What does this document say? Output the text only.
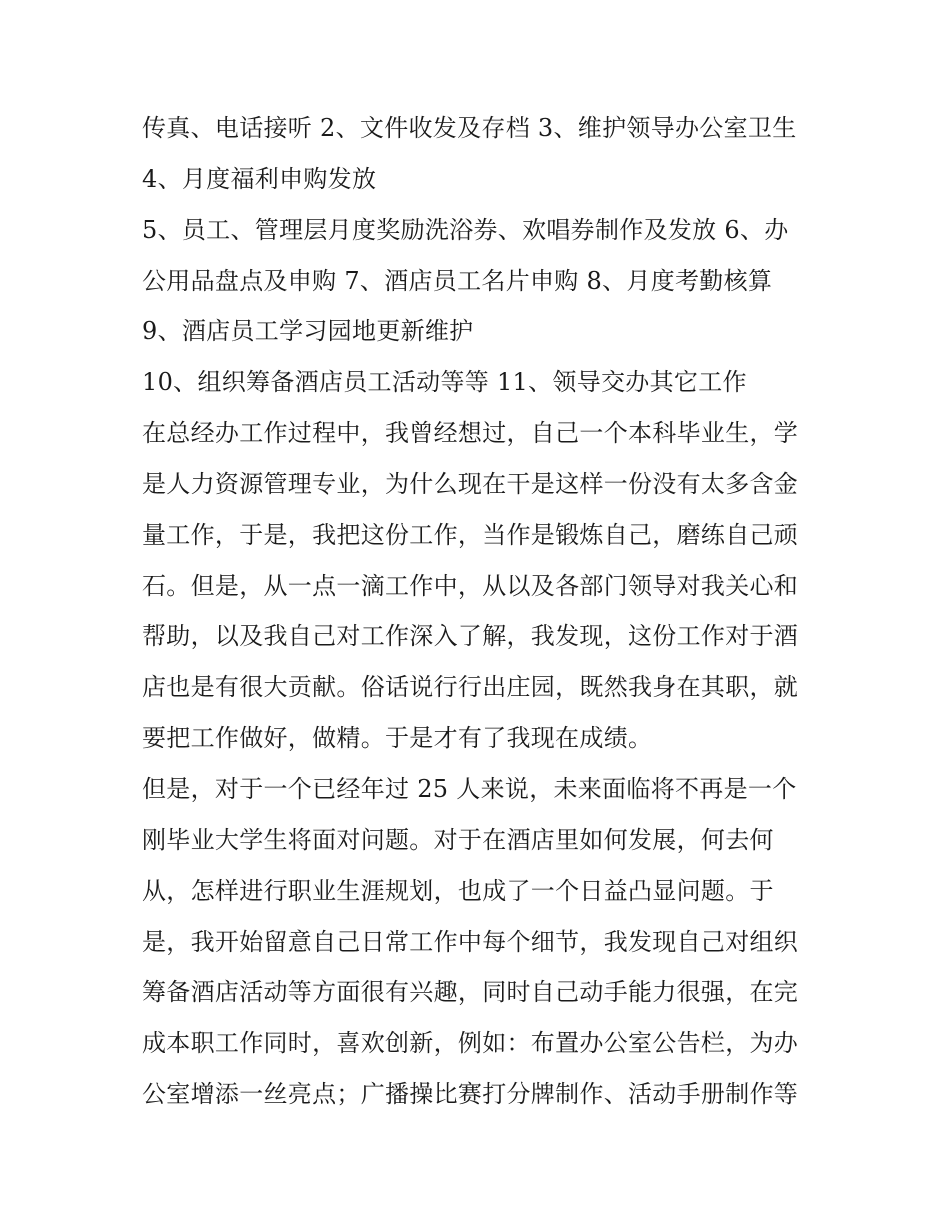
传真、电话接听 2、文件收发及存档 3、维护领导办公室卫生
4、月度福利申购发放
5、员工、管理层月度奖励洗浴券、欢唱券制作及发放 6、办
公用品盘点及申购 7、酒店员工名片申购 8、月度考勤核算
9、酒店员工学习园地更新维护
10、组织筹备酒店员工活动等等 11、领导交办其它工作
在总经办工作过程中，我曾经想过，自己一个本科毕业生，学
是人力资源管理专业，为什么现在干是这样一份没有太多含金
量工作，于是，我把这份工作，当作是锻炼自己，磨练自己顽
石。但是，从一点一滴工作中，从以及各部门领导对我关心和
帮助，以及我自己对工作深入了解，我发现，这份工作对于酒
店也是有很大贡献。俗话说行行出庄园，既然我身在其职，就
要把工作做好，做精。于是才有了我现在成绩。
但是，对于一个已经年过 25 人来说，未来面临将不再是一个
刚毕业大学生将面对问题。对于在酒店里如何发展，何去何
从，怎样进行职业生涯规划，也成了一个日益凸显问题。于
是，我开始留意自己日常工作中每个细节，我发现自己对组织
筹备酒店活动等方面很有兴趣，同时自己动手能力很强，在完
成本职工作同时，喜欢创新，例如：布置办公室公告栏，为办
公室增添一丝亮点；广播操比赛打分牌制作、活动手册制作等
